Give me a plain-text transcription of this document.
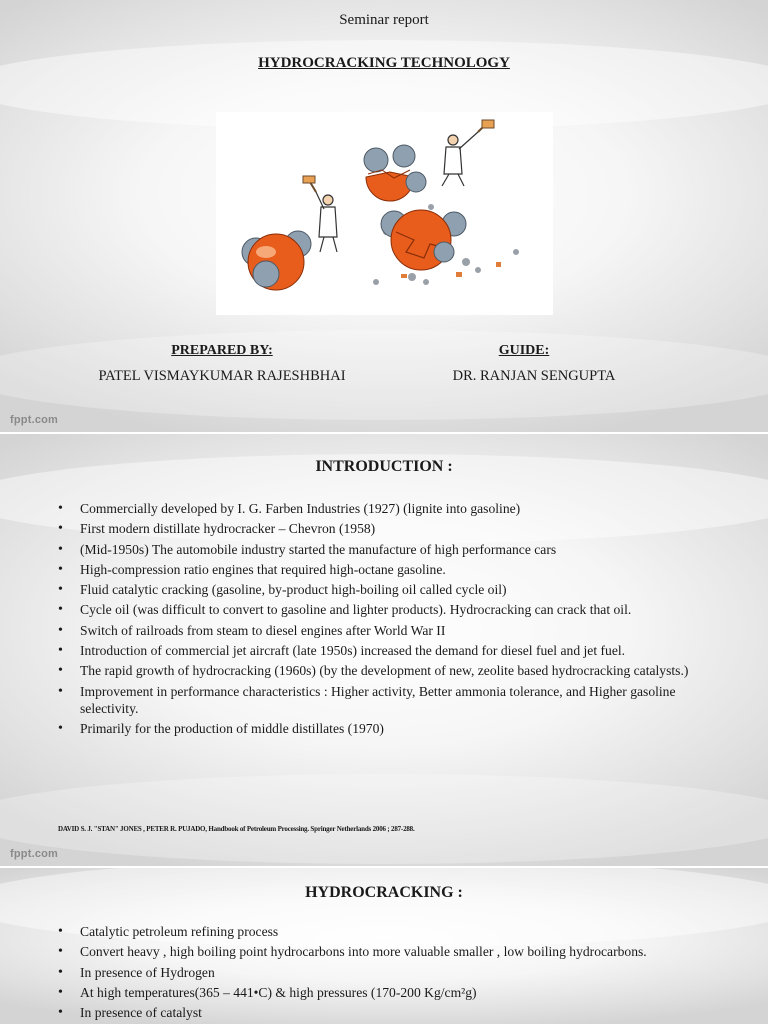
Seminar report
HYDROCRACKING TECHNOLOGY
PREPARED BY:
PATEL VISMAYKUMAR RAJESHBHAI
GUIDE:
DR. RANJAN SENGUPTA
fppt.com
INTRODUCTION :
• Commercially developed by I. G. Farben Industries (1927) (lignite into gasoline)
• First modern distillate hydrocracker – Chevron (1958)
• (Mid-1950s) The automobile industry started the manufacture of high performance cars
• High-compression ratio engines that required high-octane gasoline.
• Fluid catalytic cracking (gasoline, by-product high-boiling oil called cycle oil)
• Cycle oil (was difficult to convert to gasoline and lighter products). Hydrocracking can crack that oil.
• Switch of railroads from steam to diesel engines after World War II
• Introduction of commercial jet aircraft (late 1950s) increased the demand for diesel fuel and jet fuel.
• The rapid growth of hydrocracking (1960s) (by the development of new, zeolite based hydrocracking catalysts.)
• Improvement in performance characteristics : Higher activity, Better ammonia tolerance, and Higher gasoline selectivity.
• Primarily for the production of middle distillates (1970)
DAVID S. J. "STAN" JONES , PETER R. PUJADO, Handbook of Petroleum Processing. Springer Netherlands 2006 ; 287-288.
fppt.com
HYDROCRACKING :
• Catalytic petroleum refining process
• Convert heavy , high boiling point hydrocarbons into more valuable smaller , low boiling hydrocarbons.
• In presence of Hydrogen
• At high temperatures(365 – 441•C) & high pressures (170-200 Kg/cm²g)
• In presence of catalyst
